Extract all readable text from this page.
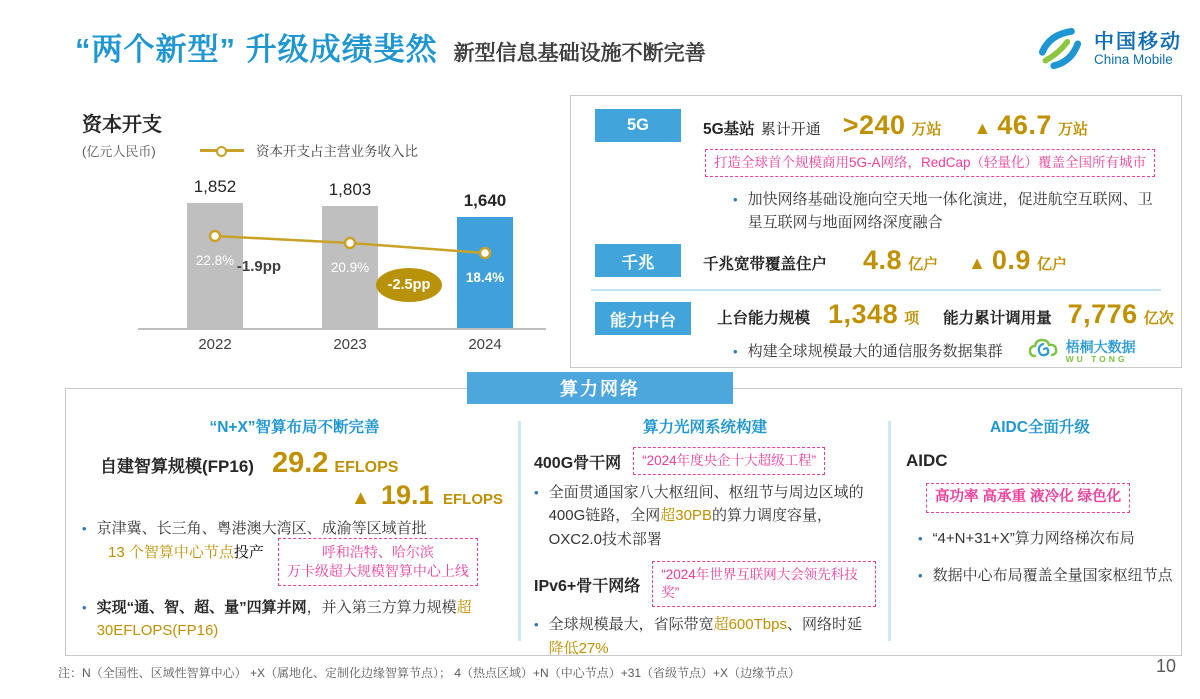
“两个新型” 升级成绩斐然 新型信息基础设施不断完善	中国移动
China Mobile
资本开支
(亿元人民币)	资本开支占主营业务收入比
1,852	1,803
1,640
22.8%	20.9%
18.4%
-1.9pp
-2.5pp
2022	2023	2024
5G	5G基站 累计开通 >240 万站 ▲ 46.7 万站
打造全球首个规模商用5G-A网络，RedCap（轻量化）覆盖全国所有城市
• 加快网络基础设施向空天地一体化演进，促进航空互联网、卫星互联网与地面网络深度融合
千兆	千兆宽带覆盖住户 4.8 亿户 ▲ 0.9 亿户
能力中台	上台能力规模 1,348 项 能力累计调用量 7,776 亿次
• 构建全球规模最大的通信服务数据集群	梧桐大数据
WU TONG
算力网络
“N+X”智算布局不断完善
自建智算规模(FP16) 29.2 EFLOPS
▲ 19.1 EFLOPS
• 京津冀、长三角、粤港澳大湾区、成渝等区域首批
13 个智算中心节点投产	呼和浩特、哈尔滨
万卡级超大规模智算中心上线
• 实现“通、智、超、量”四算并网，并入第三方算力规模超30EFLOPS(FP16)
算力光网系统构建
400G骨干网	“2024年度央企十大超级工程”
• 全面贯通国家八大枢纽间、枢纽节与周边区域的400G链路，全网超30PB的算力调度容量，OXC2.0技术部署
IPv6+骨干网络
“2024年世界互联网大会领先科技奖”
• 全球规模最大，省际带宽超600Tbps、网络时延降低27%
AIDC全面升级
AIDC
高功率 高承重 液冷化 绿色化
• “4+N+31+X”算力网络梯次布局
• 数据中心布局覆盖全量国家枢纽节点
注：N（全国性、区域性智算中心） +X（属地化、定制化边缘智算节点）； 4（热点区域）+N（中心节点）+31（省级节点）+X（边缘节点）	10
